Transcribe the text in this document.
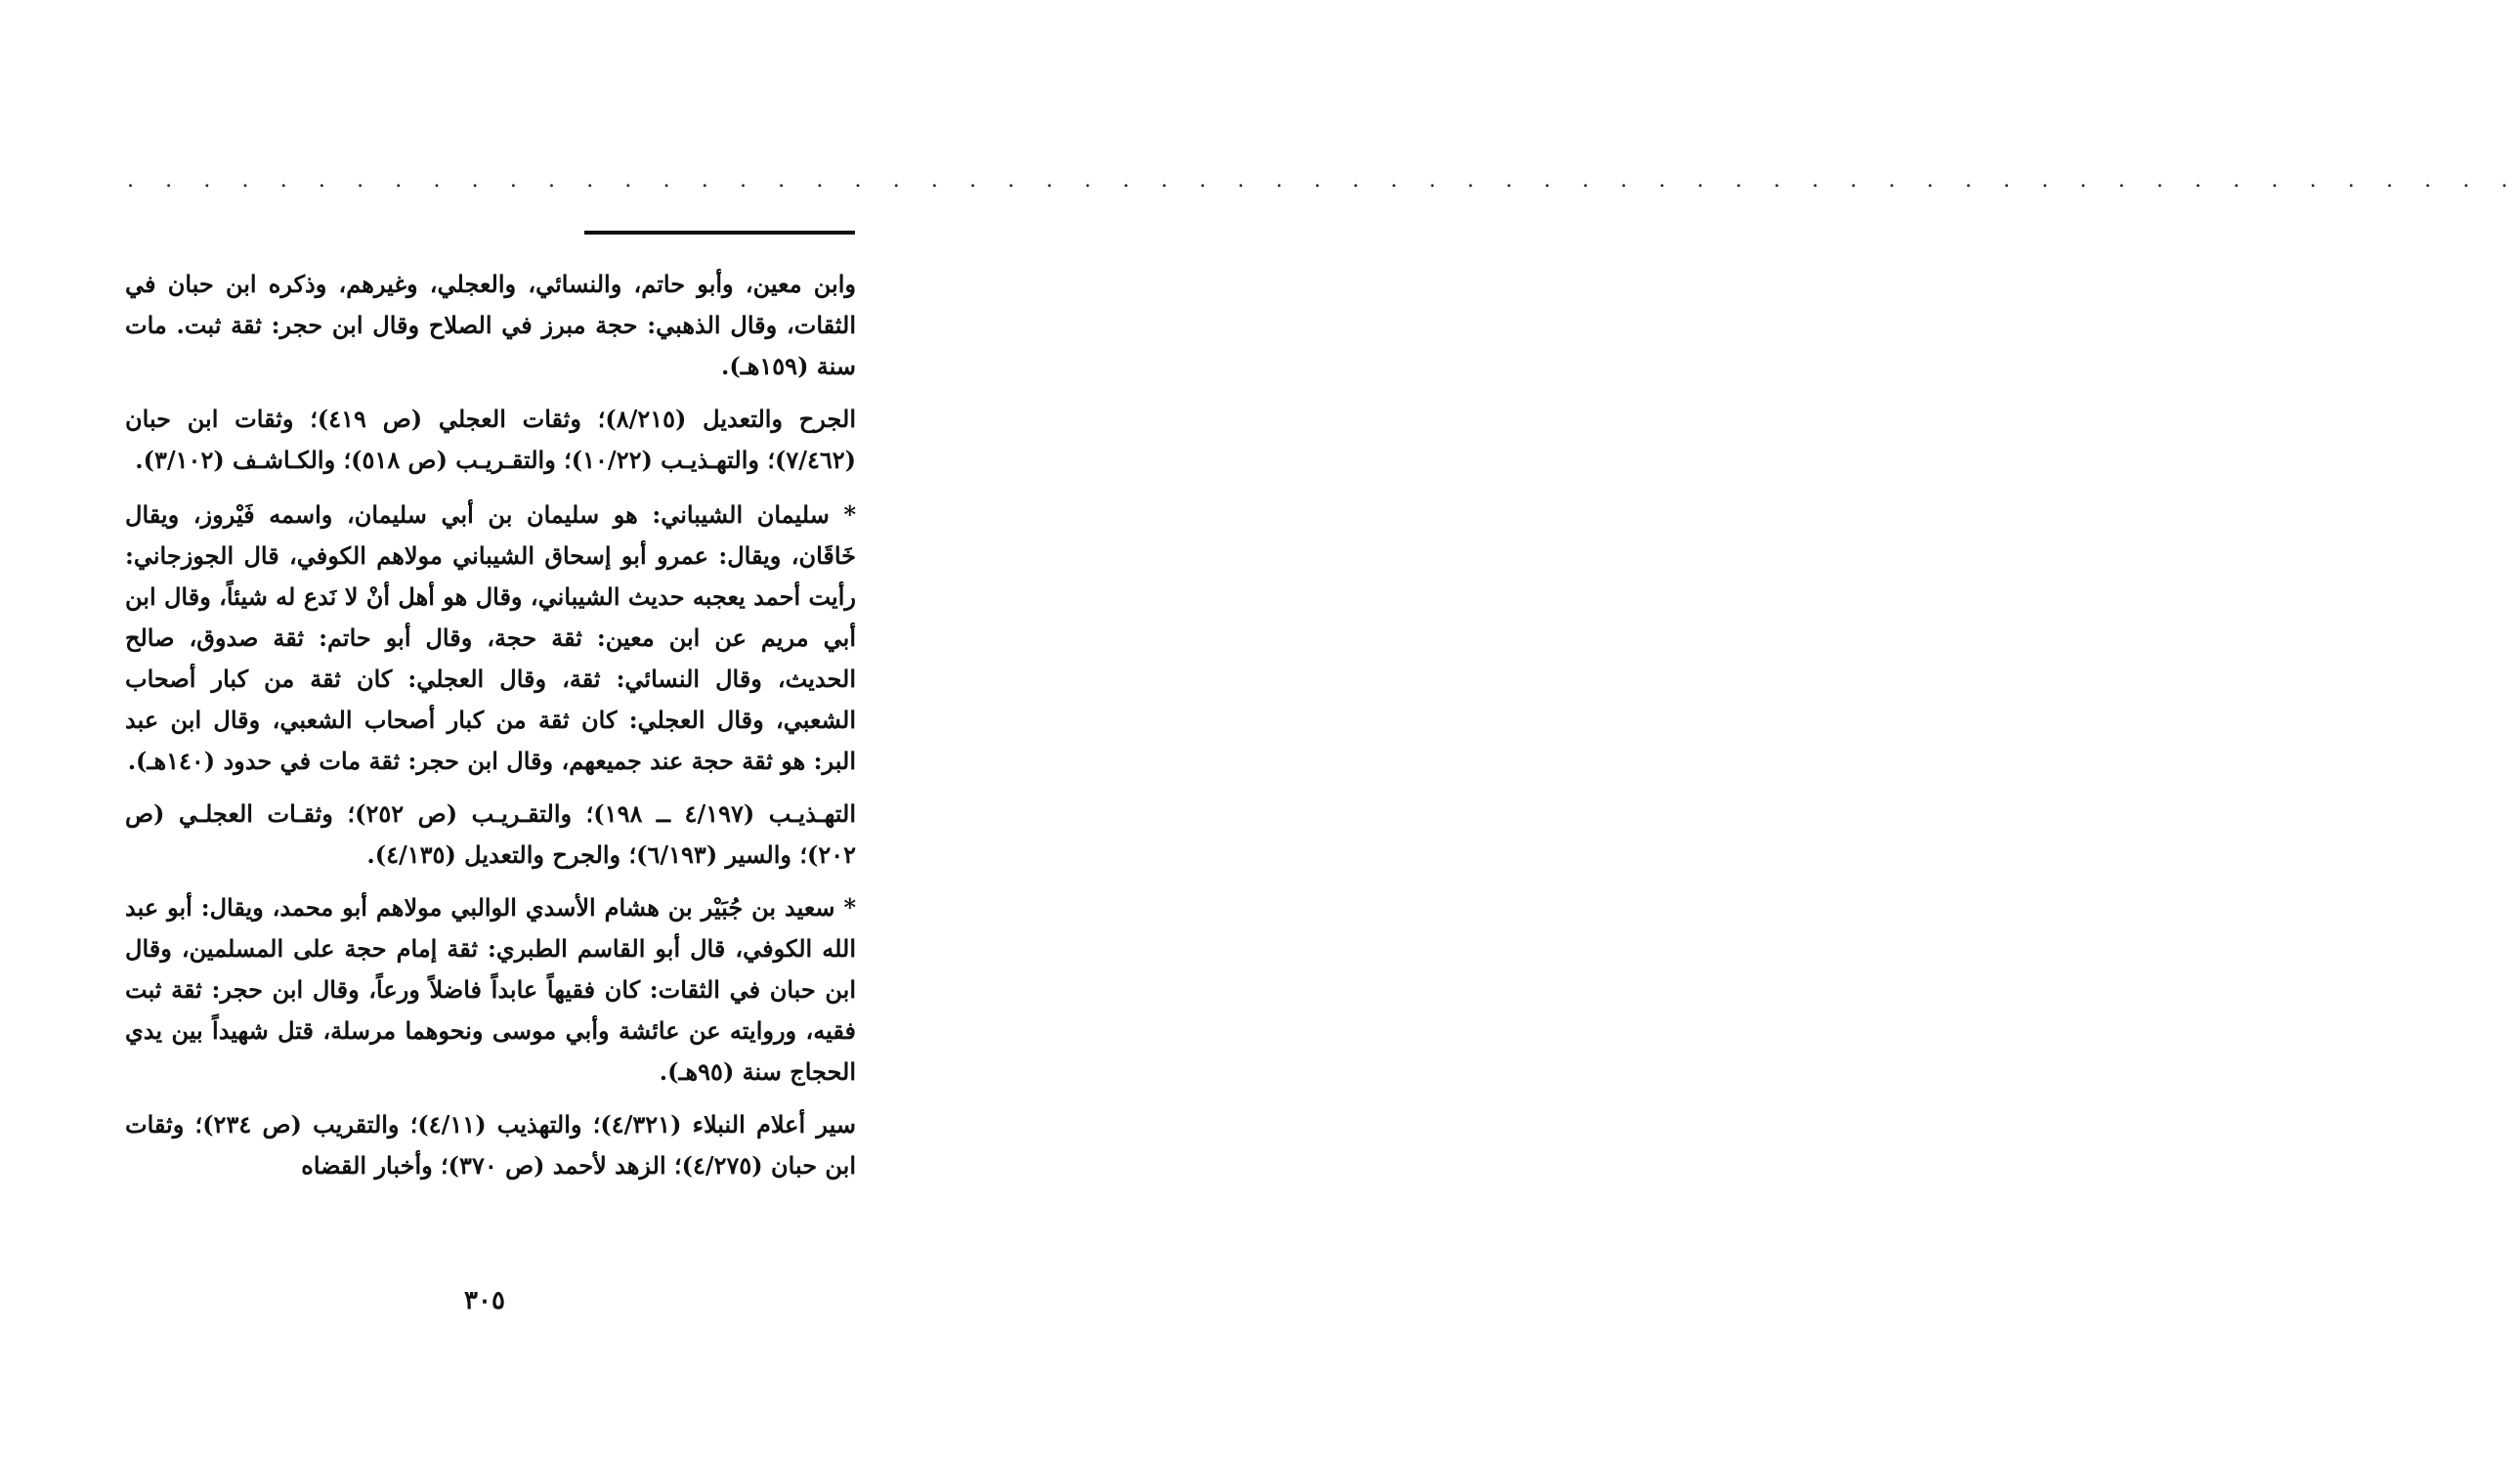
. . . . . . . . . . . . . . . . . . . . . . . . . . . . . . . . . . . . . . . . . . . . . . . . . . . . . . . . . . . . . . .

وابن معين، وأبو حاتم، والنسائي، والعجلي، وغيرهم، وذكره ابن حبان في الثقات، وقال الذهبي: حجة مبرز في الصلاح وقال ابن حجر: ثقة ثبت. مات سنة (١٥٩هـ).

الجرح والتعديل (٨/٢١٥)؛ وثقات العجلي (ص ٤١٩)؛ وثقات ابن حبان (٧/٤٦٢)؛ والتهـذيـب (١٠/٢٢)؛ والتقـريـب (ص ٥١٨)؛ والكـاشـف (٣/١٠٢).

* سليمان الشيباني: هو سليمان بن أبي سليمان، واسمه فَيْروز، ويقال خَاقَان، ويقال: عمرو أبو إسحاق الشيباني مولاهم الكوفي، قال الجوزجاني: رأيت أحمد يعجبه حديث الشيباني، وقال هو أهل أنْ لا نَدع له شيئاً، وقال ابن أبي مريم عن ابن معين: ثقة حجة، وقال أبو حاتم: ثقة صدوق، صالح الحديث، وقال النسائي: ثقة، وقال العجلي: كان ثقة من كبار أصحاب الشعبي، وقال العجلي: كان ثقة من كبار أصحاب الشعبي، وقال ابن عبد البر: هو ثقة حجة عند جميعهم، وقال ابن حجر: ثقة مات في حدود (١٤٠هـ).

التهـذيـب (٤/١٩٧ ــ ١٩٨)؛ والتقـريـب (ص ٢٥٢)؛ وثقـات العجلـي (ص ٢٠٢)؛ والسير (٦/١٩٣)؛ والجرح والتعديل (٤/١٣٥).

* سعيد بن جُبَيْر بن هشام الأسدي الوالبي مولاهم أبو محمد، ويقال: أبو عبد الله الكوفي، قال أبو القاسم الطبري: ثقة إمام حجة على المسلمين، وقال ابن حبان في الثقات: كان فقيهاً عابداً فاضلاً ورعاً، وقال ابن حجر: ثقة ثبت فقيه، وروايته عن عائشة وأبي موسى ونحوهما مرسلة، قتل شهيداً بين يدي الحجاج سنة (٩٥هـ).

سير أعلام النبلاء (٤/٣٢١)؛ والتهذيب (٤/١١)؛ والتقريب (ص ٢٣٤)؛ وثقات ابن حبان (٤/٢٧٥)؛ الزهد لأحمد (ص ٣٧٠)؛ وأخبار القضاه

٣٠٥
